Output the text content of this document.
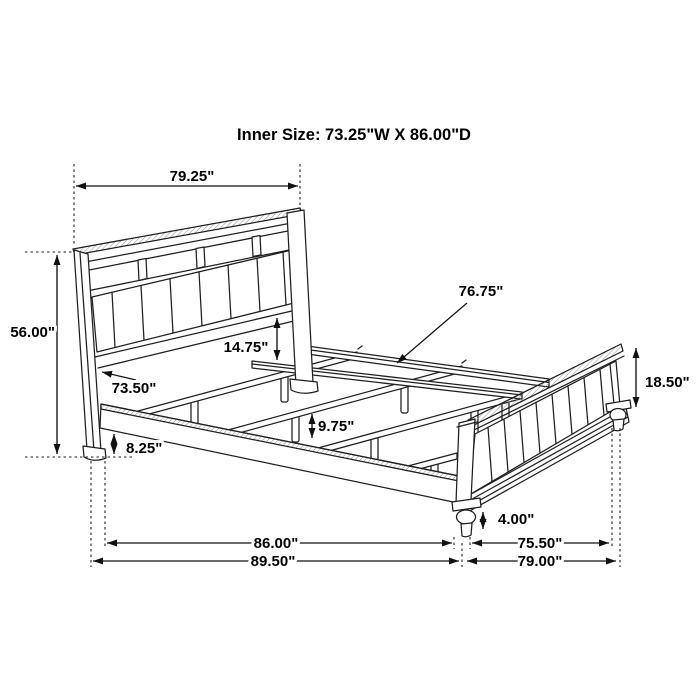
Inner Size: 73.25"W X 86.00"D
79.25"
56.00"
14.75"
73.50"
8.25"
9.75"
76.75"
18.50"
4.00"
86.00"
89.50"
75.50"
79.00"
